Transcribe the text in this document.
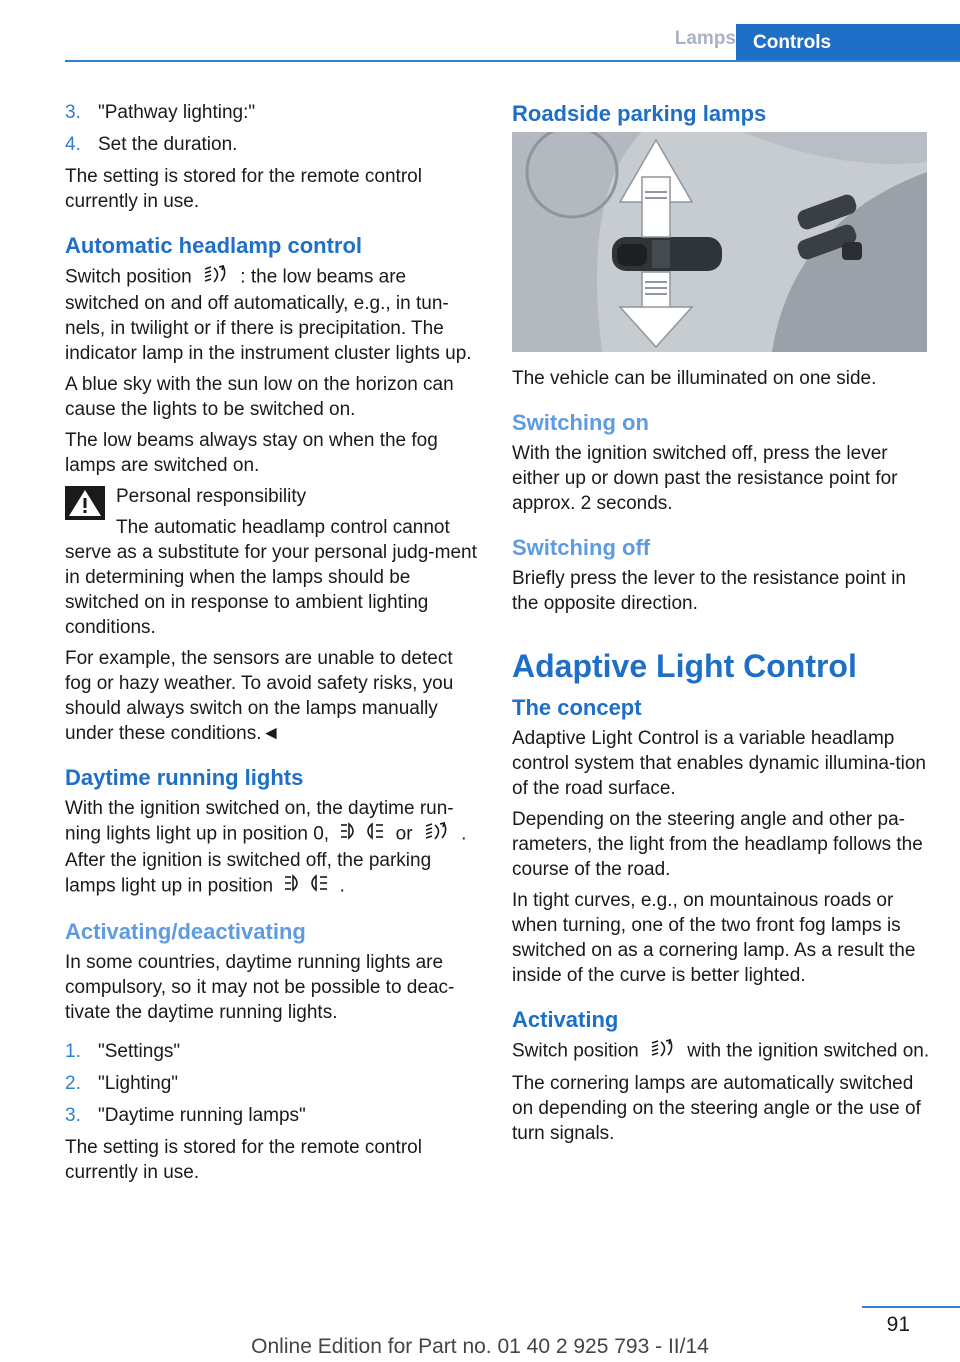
Lamps Controls
3. "Pathway lighting:"
4. Set the duration.

The setting is stored for the remote control currently in use.

Automatic headlamp control

Switch position	: the low beams are switched on and off automatically, e.g., in tun‐nels, in twilight or if there is precipitation. The indicator lamp in the instrument cluster lights up.

A blue sky with the sun low on the horizon can cause the lights to be switched on.

The low beams always stay on when the fog lamps are switched on.

Personal responsibility

The automatic headlamp control cannot serve as a substitute for your personal judg‐ment in determining when the lamps should be switched on in response to ambient lighting conditions.

For example, the sensors are unable to detect fog or hazy weather. To avoid safety risks, you should always switch on the lamps manually under these conditions.◄

Daytime running lights

With the ignition switched on, the daytime run‐ning lights light up in position 0,	or	. After the ignition is switched off, the parking lamps light up in position	.

Activating/deactivating

In some countries, daytime running lights are compulsory, so it may not be possible to deac‐tivate the daytime running lights.

1. "Settings"
2. "Lighting"
3. "Daytime running lamps"

The setting is stored for the remote control currently in use.

Roadside parking lamps

The vehicle can be illuminated on one side.

Switching on

With the ignition switched off, press the lever either up or down past the resistance point for approx. 2 seconds.

Switching off

Briefly press the lever to the resistance point in the opposite direction.

Adaptive Light Control
The concept

Adaptive Light Control is a variable headlamp control system that enables dynamic illumina‐tion of the road surface.

Depending on the steering angle and other pa‐rameters, the light from the headlamp follows the course of the road.

In tight curves, e.g., on mountainous roads or when turning, one of the two front fog lamps is switched on as a cornering lamp. As a result the inside of the curve is better lighted.

Activating

Switch position	with the ignition switched on.

The cornering lamps are automatically switched on depending on the steering angle or the use of turn signals.

91
Online Edition for Part no. 01 40 2 925 793 - II/14
